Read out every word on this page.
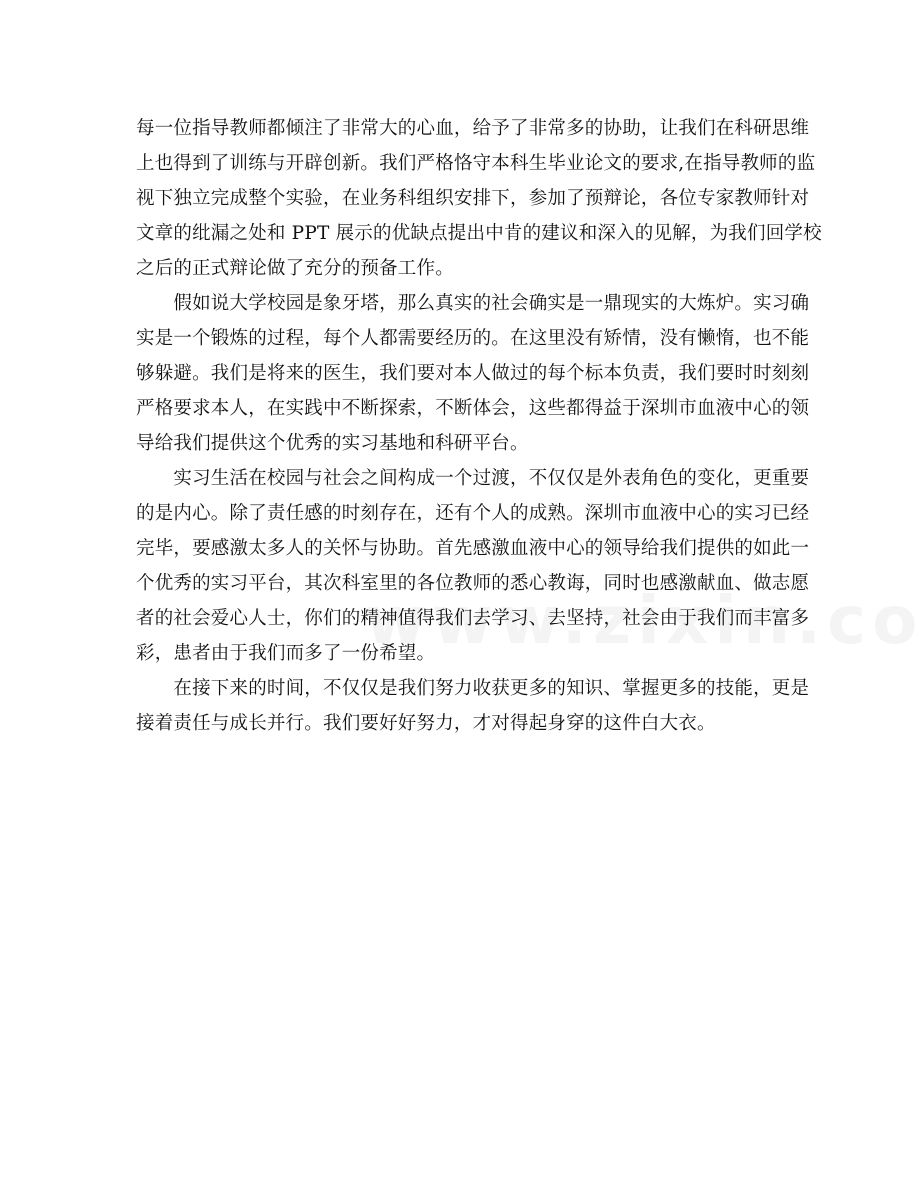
每一位指导教师都倾注了非常大的心血，给予了非常多的协助，让我们在科研思维
上也得到了训练与开辟创新。我们严格恪守本科生毕业论文的要求,在指导教师的监
视下独立完成整个实验，在业务科组织安排下，参加了预辩论，各位专家教师针对
文章的纰漏之处和 PPT 展示的优缺点提出中肯的建议和深入的见解，为我们回学校
之后的正式辩论做了充分的预备工作。
　　假如说大学校园是象牙塔，那么真实的社会确实是一鼎现实的大炼炉。实习确
实是一个锻炼的过程，每个人都需要经历的。在这里没有矫情，没有懒惰，也不能
够躲避。我们是将来的医生，我们要对本人做过的每个标本负责，我们要时时刻刻
严格要求本人，在实践中不断探索，不断体会，这些都得益于深圳市血液中心的领
导给我们提供这个优秀的实习基地和科研平台。
　　实习生活在校园与社会之间构成一个过渡，不仅仅是外表角色的变化，更重要
的是内心。除了责任感的时刻存在，还有个人的成熟。深圳市血液中心的实习已经
完毕，要感激太多人的关怀与协助。首先感激血液中心的领导给我们提供的如此一
个优秀的实习平台，其次科室里的各位教师的悉心教诲，同时也感激献血、做志愿
者的社会爱心人士，你们的精神值得我们去学习、去坚持，社会由于我们而丰富多
彩，患者由于我们而多了一份希望。
　　在接下来的时间，不仅仅是我们努力收获更多的知识、掌握更多的技能，更是
接着责任与成长并行。我们要好好努力，才对得起身穿的这件白大衣。
